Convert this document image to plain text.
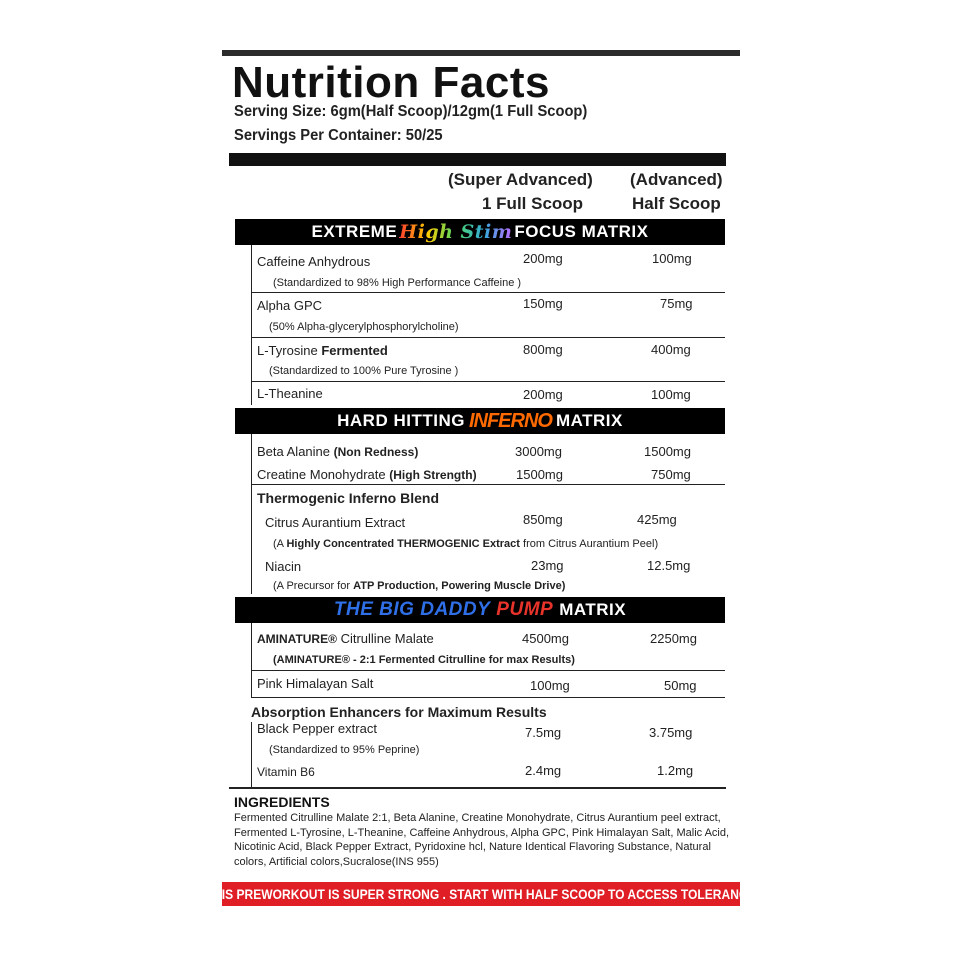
Nutrition Facts
Serving Size: 6gm(Half Scoop)/12gm(1 Full Scoop)
Servings Per Container: 50/25
(Super Advanced)
1 Full Scoop
(Advanced)
Half Scoop
EXTREME High Stim FOCUS MATRIX
Caffeine Anhydrous	200mg	100mg
(Standardized to 98% High Performance Caffeine )
Alpha GPC	150mg	75mg
(50% Alpha-glycerylphosphorylcholine)
L-Tyrosine Fermented	800mg	400mg
(Standardized to 100% Pure Tyrosine )
L-Theanine	200mg	100mg
HARD HITTING INFERNO MATRIX
Beta Alanine (Non Redness)	3000mg	1500mg
Creatine Monohydrate (High Strength)	1500mg	750mg
Thermogenic Inferno Blend
Citrus Aurantium Extract	850mg	425mg
(A Highly Concentrated THERMOGENIC Extract from Citrus Aurantium Peel)
Niacin	23mg	12.5mg
(A Precursor for ATP Production, Powering Muscle Drive)
THE BIG DADDY PUMP MATRIX
AMINATURE® Citrulline Malate	4500mg	2250mg
(AMINATURE® - 2:1 Fermented Citrulline for max Results)
Pink Himalayan Salt	100mg	50mg
Absorption Enhancers for Maximum Results
Black Pepper extract	7.5mg	3.75mg
(Standardized to 95% Peprine)
Vitamin B6	2.4mg	1.2mg
INGREDIENTS
Fermented Citrulline Malate 2:1, Beta Alanine, Creatine Monohydrate, Citrus Aurantium peel extract, Fermented L-Tyrosine, L-Theanine, Caffeine Anhydrous, Alpha GPC, Pink Himalayan Salt, Malic Acid, Nicotinic Acid, Black Pepper Extract, Pyridoxine hcl, Nature Identical Flavoring Substance, Natural colors, Artificial colors,Sucralose(INS 955)
THIS PREWORKOUT IS SUPER STRONG . START WITH HALF SCOOP TO ACCESS TOLERANCE
